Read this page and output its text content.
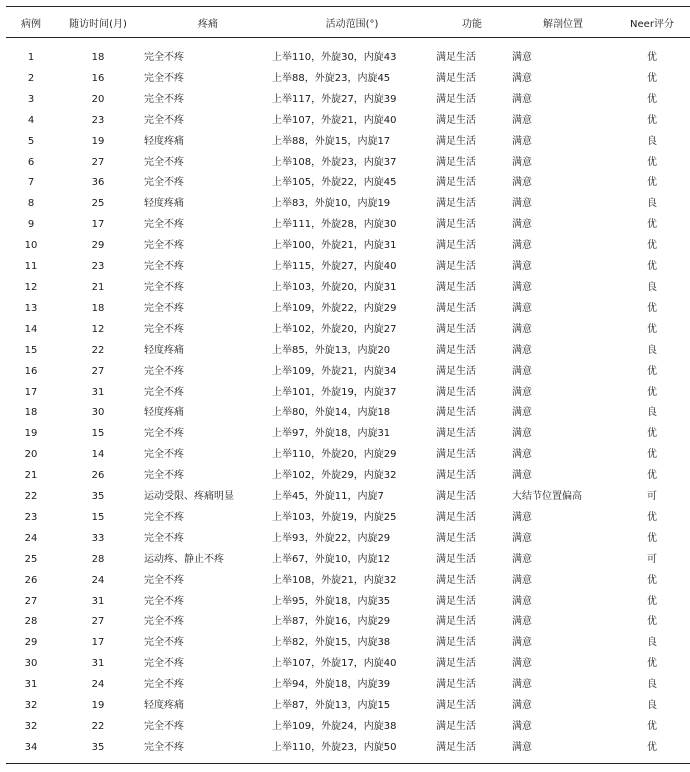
病例	随访时间(月)	疼痛	活动范围(°)	功能	解剖位置	Neer评分
1	18	完全不疼	上举110，外旋30，内旋43	满足生活	满意	优
2	16	完全不疼	上举88，外旋23，内旋45	满足生活	满意	优
3	20	完全不疼	上举117，外旋27，内旋39	满足生活	满意	优
4	23	完全不疼	上举107，外旋21，内旋40	满足生活	满意	优
5	19	轻度疼痛	上举88，外旋15，内旋17	满足生活	满意	良
6	27	完全不疼	上举108，外旋23，内旋37	满足生活	满意	优
7	36	完全不疼	上举105，外旋22，内旋45	满足生活	满意	优
8	25	轻度疼痛	上举83，外旋10，内旋19	满足生活	满意	良
9	17	完全不疼	上举111，外旋28，内旋30	满足生活	满意	优
10	29	完全不疼	上举100，外旋21，内旋31	满足生活	满意	优
11	23	完全不疼	上举115，外旋27，内旋40	满足生活	满意	优
12	21	完全不疼	上举103，外旋20，内旋31	满足生活	满意	良
13	18	完全不疼	上举109，外旋22，内旋29	满足生活	满意	优
14	12	完全不疼	上举102，外旋20，内旋27	满足生活	满意	优
15	22	轻度疼痛	上举85，外旋13，内旋20	满足生活	满意	良
16	27	完全不疼	上举109，外旋21，内旋34	满足生活	满意	优
17	31	完全不疼	上举101，外旋19，内旋37	满足生活	满意	优
18	30	轻度疼痛	上举80，外旋14，内旋18	满足生活	满意	良
19	15	完全不疼	上举97，外旋18，内旋31	满足生活	满意	优
20	14	完全不疼	上举110，外旋20，内旋29	满足生活	满意	优
21	26	完全不疼	上举102，外旋29，内旋32	满足生活	满意	优
22	35	运动受限、疼痛明显	上举45，外旋11，内旋7	满足生活	大结节位置偏高	可
23	15	完全不疼	上举103，外旋19，内旋25	满足生活	满意	优
24	33	完全不疼	上举93，外旋22，内旋29	满足生活	满意	优
25	28	运动疼、静止不疼	上举67，外旋10，内旋12	满足生活	满意	可
26	24	完全不疼	上举108，外旋21，内旋32	满足生活	满意	优
27	31	完全不疼	上举95，外旋18，内旋35	满足生活	满意	优
28	27	完全不疼	上举87，外旋16，内旋29	满足生活	满意	优
29	17	完全不疼	上举82，外旋15，内旋38	满足生活	满意	良
30	31	完全不疼	上举107，外旋17，内旋40	满足生活	满意	优
31	24	完全不疼	上举94，外旋18，内旋39	满足生活	满意	良
32	19	轻度疼痛	上举87，外旋13，内旋15	满足生活	满意	良
32	22	完全不疼	上举109，外旋24，内旋38	满足生活	满意	优
34	35	完全不疼	上举110，外旋23，内旋50	满足生活	满意	优
